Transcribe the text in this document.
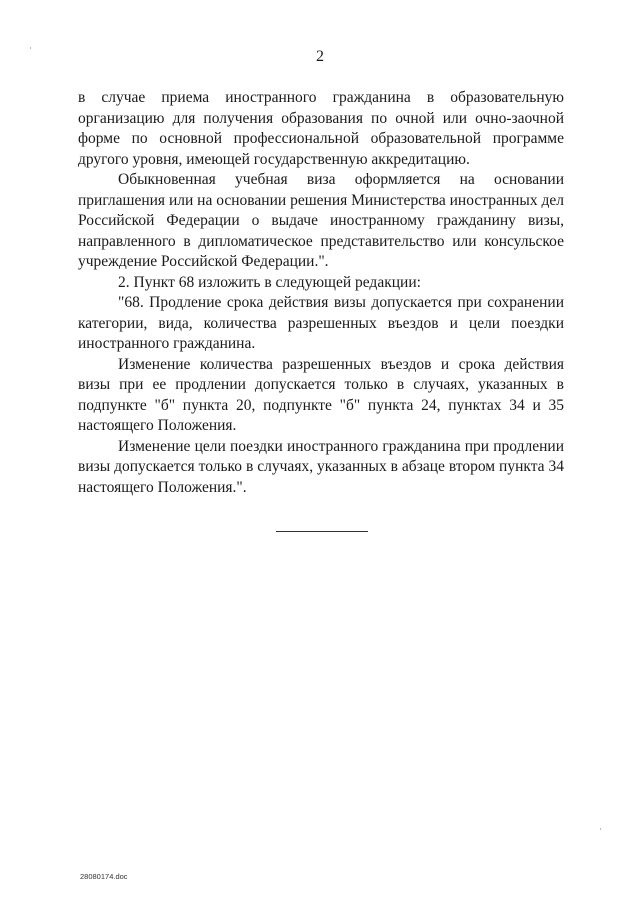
2

в случае приема иностранного гражданина в образовательную организацию для получения образования по очной или очно-заочной форме по основной профессиональной образовательной программе другого уровня, имеющей государственную аккредитацию.

Обыкновенная учебная виза оформляется на основании приглашения или на основании решения Министерства иностранных дел Российской Федерации о выдаче иностранному гражданину визы, направленного в дипломатическое представительство или консульское учреждение Российской Федерации.".

2. Пункт 68 изложить в следующей редакции:

"68. Продление срока действия визы допускается при сохранении категории, вида, количества разрешенных въездов и цели поездки иностранного гражданина.

Изменение количества разрешенных въездов и срока действия визы при ее продлении допускается только в случаях, указанных в подпункте "б" пункта 20, подпункте "б" пункта 24, пунктах 34 и 35 настоящего Положения.

Изменение цели поездки иностранного гражданина при продлении визы допускается только в случаях, указанных в абзаце втором пункта 34 настоящего Положения.".

28080174.doc
